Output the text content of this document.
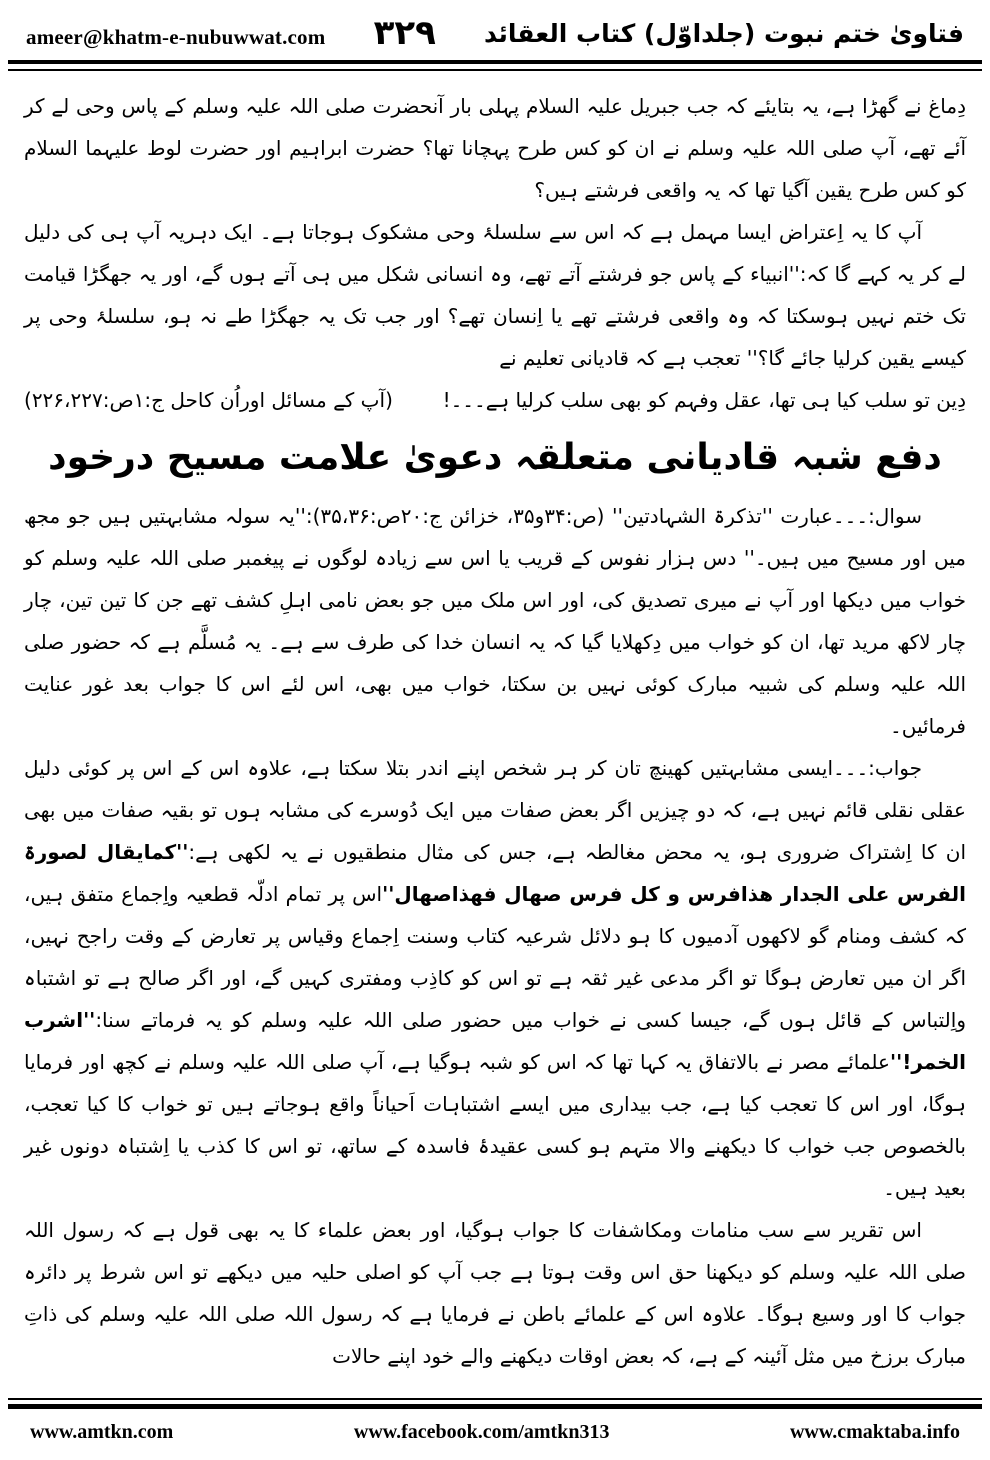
ameer@khatm-e-nubuwwat.com ۳۲۹ فتاویٰ ختم نبوت (جلداوّل) کتاب العقائد

دِماغ نے گھڑا ہے، یہ بتایئے کہ جب جبریل علیہ السلام پہلی بار آنحضرت صلی اللہ علیہ وسلم کے پاس وحی لے کر آئے تھے، آپ صلی اللہ علیہ وسلم نے ان کو کس طرح پہچانا تھا؟ حضرت ابراہیم اور حضرت لوط علیہما السلام کو کس طرح یقین آگیا تھا کہ یہ واقعی فرشتے ہیں؟

آپ کا یہ اِعتراض ایسا مہمل ہے کہ اس سے سلسلۂ وحی مشکوک ہوجاتا ہے۔ ایک دہریہ آپ ہی کی دلیل لے کر یہ کہے گا کہ:''انبیاء کے پاس جو فرشتے آتے تھے، وہ انسانی شکل میں ہی آتے ہوں گے، اور یہ جھگڑا قیامت تک ختم نہیں ہوسکتا کہ وہ واقعی فرشتے تھے یا اِنسان تھے؟ اور جب تک یہ جھگڑا طے نہ ہو، سلسلۂ وحی پر کیسے یقین کرلیا جائے گا؟'' تعجب ہے کہ قادیانی تعلیم نے

دِین تو سلب کیا ہی تھا، عقل وفہم کو بھی سلب کرلیا ہے۔۔۔!
(آپ کے مسائل اوراُن کاحل ج:۱ص:۲۲۶،۲۲۷)
دفع شبہ قادیانی متعلقہ دعویٰ علامت مسیح درخود

سوال:۔۔۔عبارت ''تذکرۃ الشہادتین'' (ص:۳۴و۳۵، خزائن ج:۲۰ص:۳۵،۳۶):''یہ سولہ مشابہتیں ہیں جو مجھ میں اور مسیح میں ہیں۔'' دس ہزار نفوس کے قریب یا اس سے زیادہ لوگوں نے پیغمبر صلی اللہ علیہ وسلم کو خواب میں دیکھا اور آپ نے میری تصدیق کی، اور اس ملک میں جو بعض نامی اہلِ کشف تھے جن کا تین تین، چار چار لاکھ مرید تھا، ان کو خواب میں دِکھلایا گیا کہ یہ انسان خدا کی طرف سے ہے۔ یہ مُسلَّم ہے کہ حضور صلی اللہ علیہ وسلم کی شبیہ مبارک کوئی نہیں بن سکتا، خواب میں بھی، اس لئے اس کا جواب بعد غور عنایت فرمائیں۔

جواب:۔۔۔ایسی مشابہتیں کھینچ تان کر ہر شخص اپنے اندر بتلا سکتا ہے، علاوہ اس کے اس پر کوئی دلیل عقلی نقلی قائم نہیں ہے، کہ دو چیزیں اگر بعض صفات میں ایک دُوسرے کی مشابہ ہوں تو بقیہ صفات میں بھی ان کا اِشتراک ضروری ہو، یہ محض مغالطہ ہے، جس کی مثال منطقیوں نے یہ لکھی ہے:''کمایقال لصورۃ الفرس علی الجدار ھذافرس و کل فرس صھال فھذاصھال''اس پر تمام ادلّہ قطعیہ واِجماع متفق ہیں، کہ کشف ومنام گو لاکھوں آدمیوں کا ہو دلائل شرعیہ کتاب وسنت اِجماع وقیاس پر تعارض کے وقت راجح نہیں، اگر ان میں تعارض ہوگا تو اگر مدعی غیر ثقہ ہے تو اس کو کاذِب ومفتری کہیں گے، اور اگر صالح ہے تو اشتباہ واِلتباس کے قائل ہوں گے، جیسا کسی نے خواب میں حضور صلی اللہ علیہ وسلم کو یہ فرماتے سنا:''اشرب الخمر!''علمائے مصر نے بالاتفاق یہ کہا تھا کہ اس کو شبہ ہوگیا ہے، آپ صلی اللہ علیہ وسلم نے کچھ اور فرمایا ہوگا، اور اس کا تعجب کیا ہے، جب بیداری میں ایسے اشتباہات اَحیاناً واقع ہوجاتے ہیں تو خواب کا کیا تعجب، بالخصوص جب خواب کا دیکھنے والا متہم ہو کسی عقیدۂ فاسدہ کے ساتھ، تو اس کا کذب یا اِشتباہ دونوں غیر بعید ہیں۔

اس تقریر سے سب منامات ومکاشفات کا جواب ہوگیا، اور بعض علماء کا یہ بھی قول ہے کہ رسول اللہ صلی اللہ علیہ وسلم کو دیکھنا حق اس وقت ہوتا ہے جب آپ کو اصلی حلیہ میں دیکھے تو اس شرط پر دائرہ جواب کا اور وسیع ہوگا۔ علاوہ اس کے علمائے باطن نے فرمایا ہے کہ رسول اللہ صلی اللہ علیہ وسلم کی ذاتِ مبارک برزخ میں مثل آئینہ کے ہے، کہ بعض اوقات دیکھنے والے خود اپنے حالات

www.amtkn.com	www.facebook.com/amtkn313	www.cmaktaba.info
